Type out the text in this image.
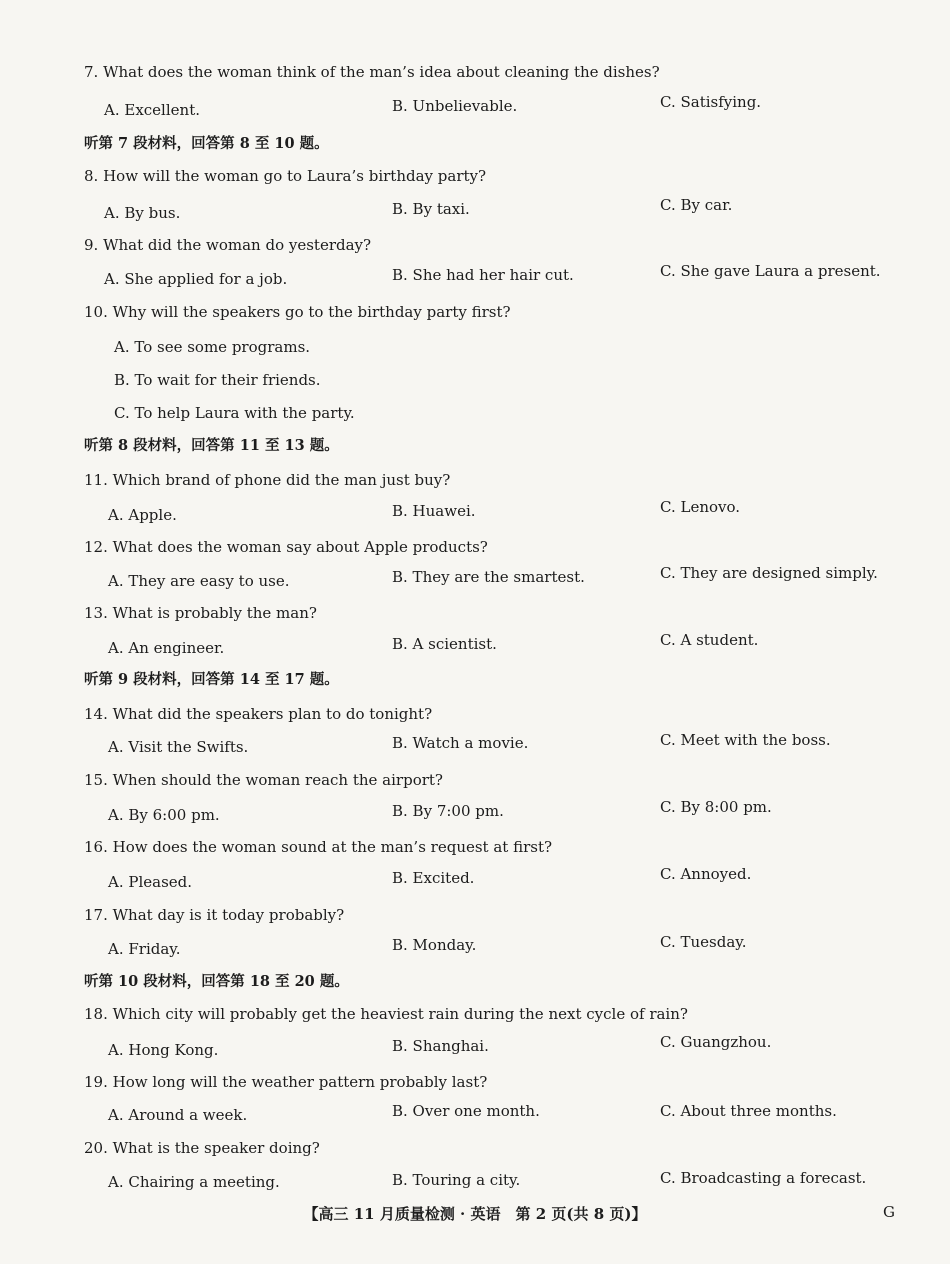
7. What does the woman think of the man’s idea about cleaning the dishes?
A. Excellent.	B. Unbelievable.	C. Satisfying.
听第 7 段材料，回答第 8 至 10 题。
8. How will the woman go to Laura’s birthday party?
A. By bus.	B. By taxi.	C. By car.
9. What did the woman do yesterday?
A. She applied for a job.	B. She had her hair cut.	C. She gave Laura a present.
10. Why will the speakers go to the birthday party first?
A. To see some programs.
B. To wait for their friends.
C. To help Laura with the party.
听第 8 段材料，回答第 11 至 13 题。
11. Which brand of phone did the man just buy?
A. Apple.	B. Huawei.	C. Lenovo.
12. What does the woman say about Apple products?
A. They are easy to use.	B. They are the smartest.	C. They are designed simply.
13. What is probably the man?
A. An engineer.	B. A scientist.	C. A student.
听第 9 段材料，回答第 14 至 17 题。
14. What did the speakers plan to do tonight?
A. Visit the Swifts.	B. Watch a movie.	C. Meet with the boss.
15. When should the woman reach the airport?
A. By 6:00 pm.	B. By 7:00 pm.	C. By 8:00 pm.
16. How does the woman sound at the man’s request at first?
A. Pleased.	B. Excited.	C. Annoyed.
17. What day is it today probably?
A. Friday.	B. Monday.	C. Tuesday.
听第 10 段材料，回答第 18 至 20 题。
18. Which city will probably get the heaviest rain during the next cycle of rain?
A. Hong Kong.	B. Shanghai.	C. Guangzhou.
19. How long will the weather pattern probably last?
A. Around a week.	B. Over one month.	C. About three months.
20. What is the speaker doing?
A. Chairing a meeting.	B. Touring a city.	C. Broadcasting a forecast.
【高三 11 月质量检测 · 英语　第 2 页(共 8 页)】	G
